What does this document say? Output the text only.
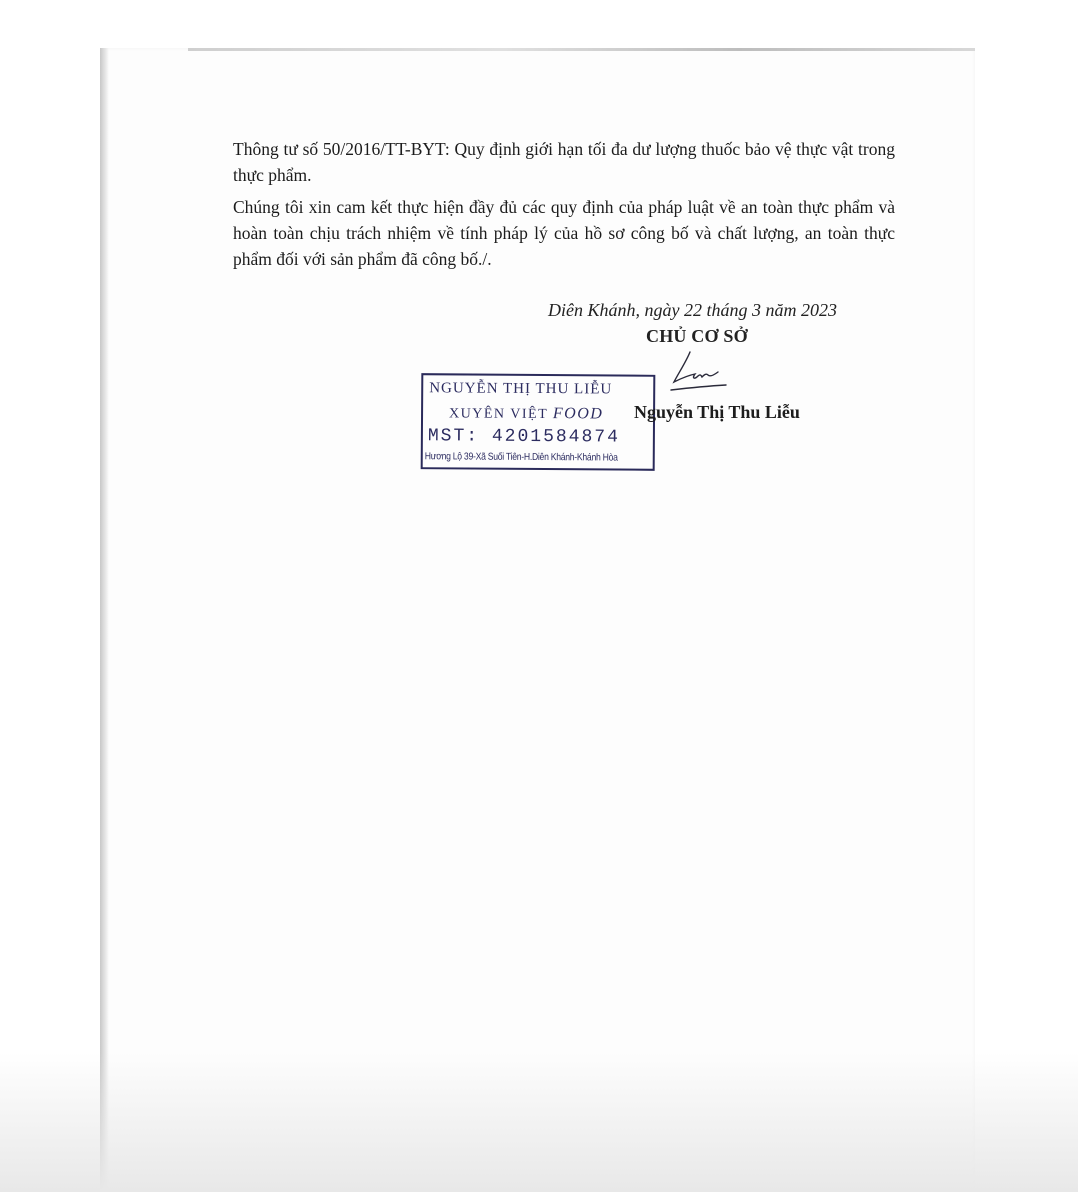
Thông tư số 50/2016/TT-BYT: Quy định giới hạn tối đa dư lượng thuốc bảo vệ thực vật trong thực phẩm.

Chúng tôi xin cam kết thực hiện đầy đủ các quy định của pháp luật về an toàn thực phẩm và hoàn toàn chịu trách nhiệm về tính pháp lý của hồ sơ công bố và chất lượng, an toàn thực phẩm đối với sản phẩm đã công bố./.

Diên Khánh, ngày 22 tháng 3 năm 2023
CHỦ CƠ SỞ
NGUYỄN THỊ THU LIỄU
XUYÊN VIỆT FOOD
MST: 4201584874
Hương Lộ 39-Xã Suối Tiên-H.Diên Khánh-Khánh Hòa
Nguyễn Thị Thu Liễu
